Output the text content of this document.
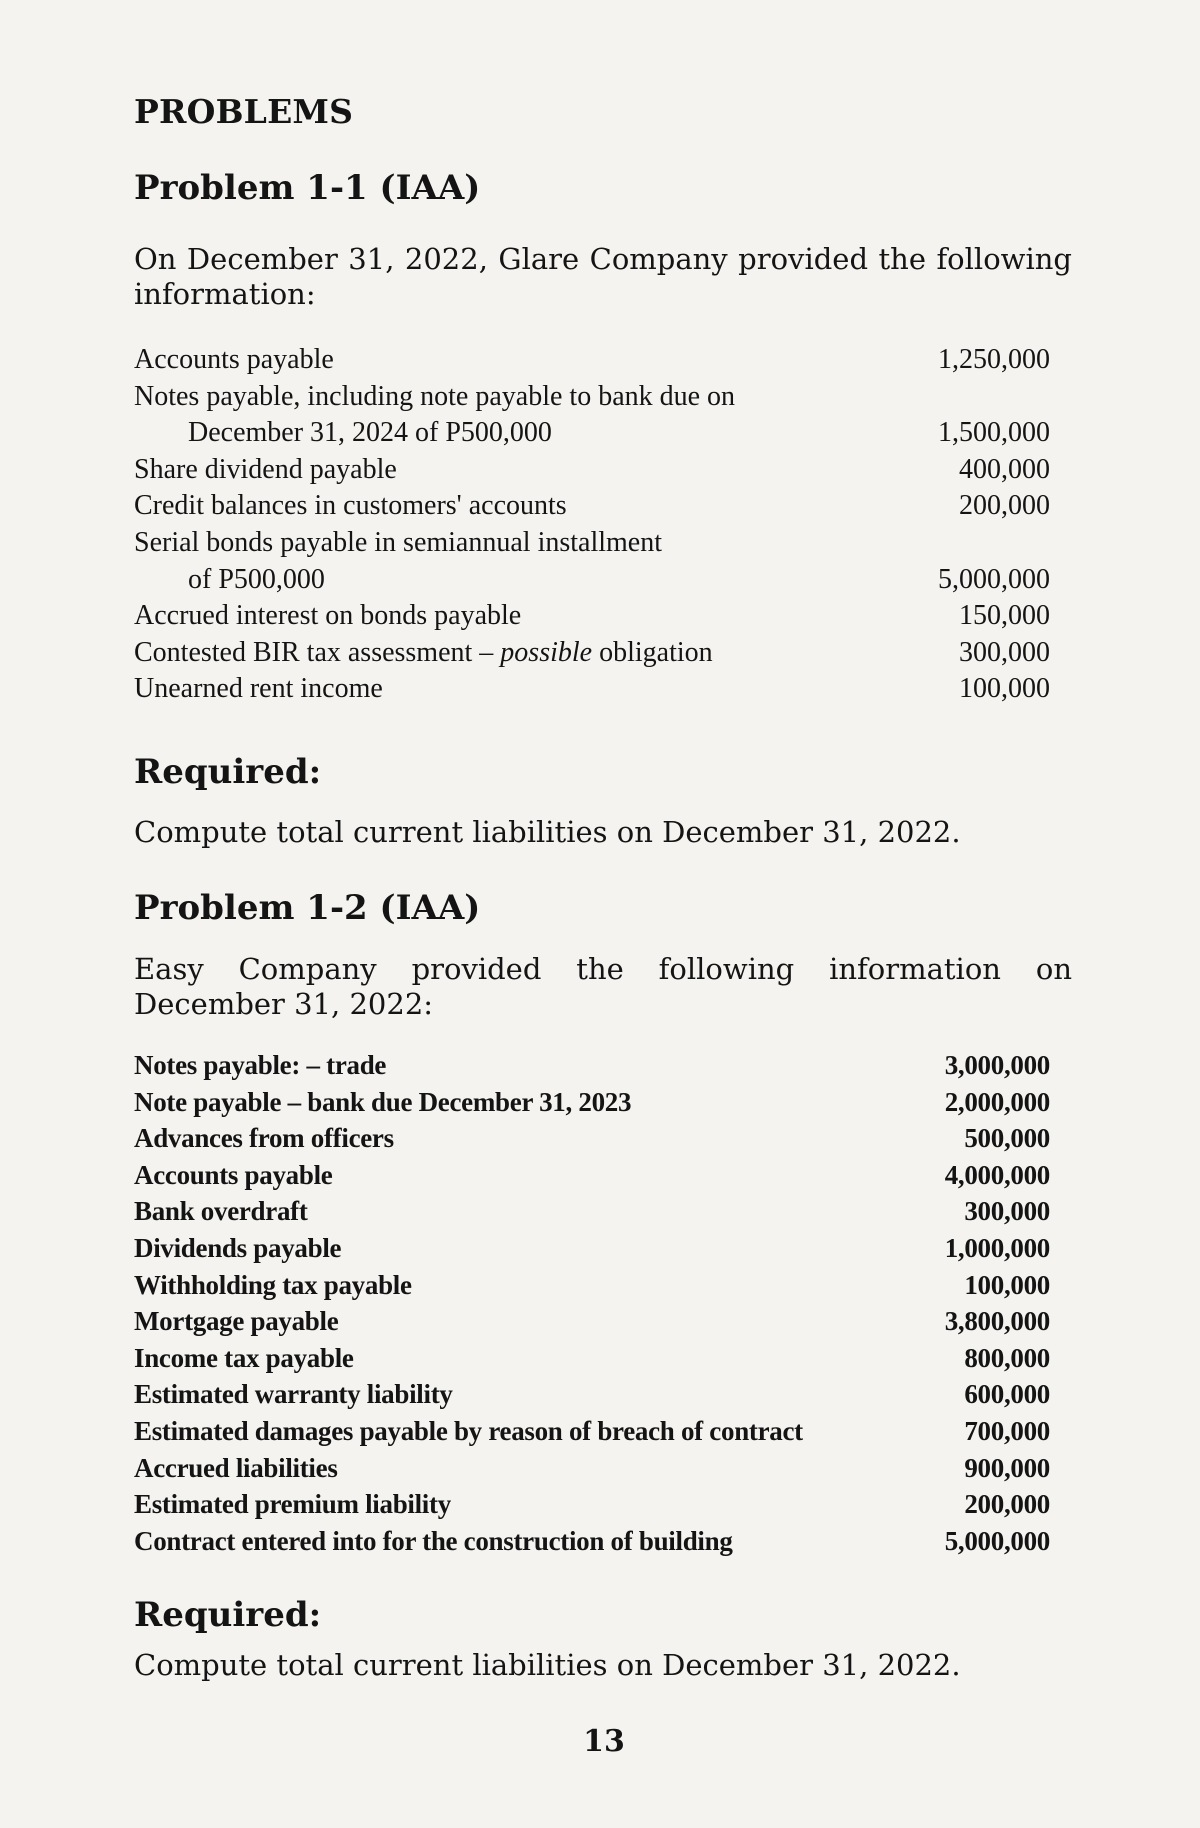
PROBLEMS
Problem 1-1 (IAA)
On December 31, 2022, Glare Company provided the following information:
Accounts payable	1,250,000
Notes payable, including note payable to bank due on
December 31, 2024 of P500,000	1,500,000
Share dividend payable	400,000
Credit balances in customers' accounts	200,000
Serial bonds payable in semiannual installment
of P500,000	5,000,000
Accrued interest on bonds payable	150,000
Contested BIR tax assessment – possible obligation	300,000
Unearned rent income	100,000
Required:
Compute total current liabilities on December 31, 2022.
Problem 1-2 (IAA)
Easy Company provided the following information on December 31, 2022:
Notes payable: – trade	3,000,000
Note payable – bank due December 31, 2023	2,000,000
Advances from officers	500,000
Accounts payable	4,000,000
Bank overdraft	300,000
Dividends payable	1,000,000
Withholding tax payable	100,000
Mortgage payable	3,800,000
Income tax payable	800,000
Estimated warranty liability	600,000
Estimated damages payable by reason of breach of contract	700,000
Accrued liabilities	900,000
Estimated premium liability	200,000
Contract entered into for the construction of building	5,000,000
Required:
Compute total current liabilities on December 31, 2022.
13
